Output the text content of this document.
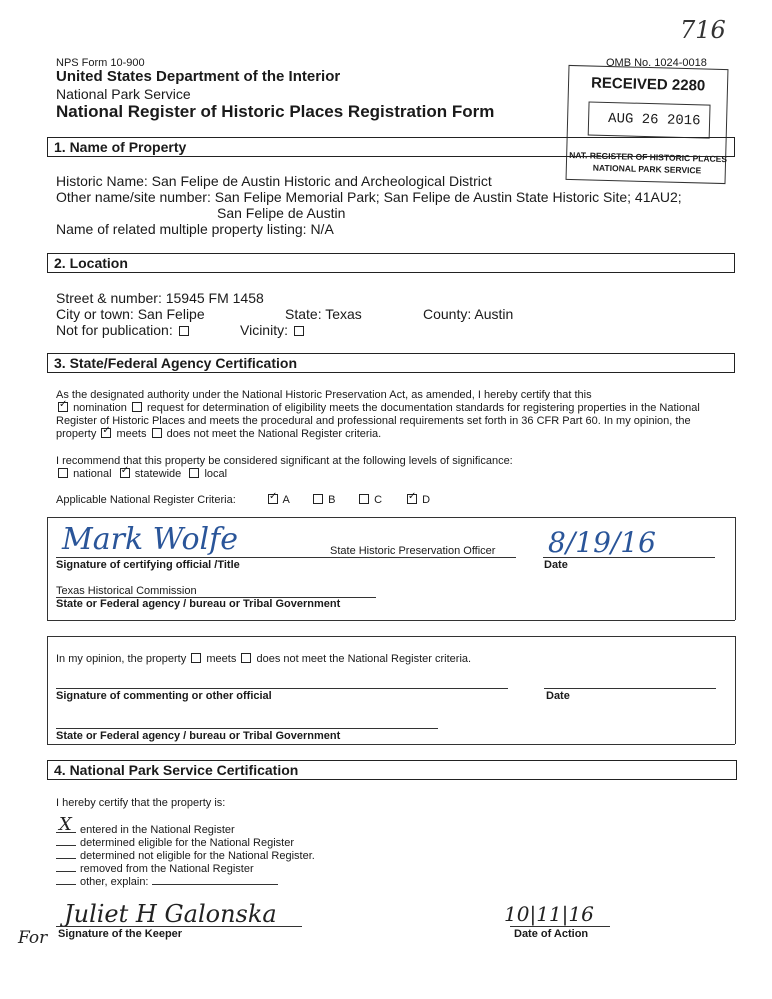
716
NPS Form 10-900	OMB No. 1024-0018
United States Department of the Interior
National Park Service
National Register of Historic Places Registration Form
RECEIVED 2280
AUG 26 2016
NAT. REGISTER OF HISTORIC PLACES
NATIONAL PARK SERVICE
1. Name of Property
Historic Name: San Felipe de Austin Historic and Archeological District
Other name/site number: San Felipe Memorial Park; San Felipe de Austin State Historic Site; 41AU2;
San Felipe de Austin
Name of related multiple property listing: N/A
2. Location
Street & number: 15945 FM 1458
City or town: San Felipe	State: Texas	County: Austin
Not for publication:	Vicinity:
3. State/Federal Agency Certification
As the designated authority under the National Historic Preservation Act, as amended, I hereby certify that this
✓ nomination request for determination of eligibility meets the documentation standards for registering properties in the National
Register of Historic Places and meets the procedural and professional requirements set forth in 36 CFR Part 60. In my opinion, the
property ✓ meets does not meet the National Register criteria.
I recommend that this property be considered significant at the following levels of significance:
national ✓ statewide local
Applicable National Register Criteria: ✓	A	B	C ✓	D
Mark Wolfe	State Historic Preservation Officer
Signature of certifying official /Title
8/19/16
Date
Texas Historical Commission
State or Federal agency / bureau or Tribal Government
In my opinion, the property meets does not meet the National Register criteria.
Signature of commenting or other official	Date
State or Federal agency / bureau or Tribal Government
4. National Park Service Certification
I hereby certify that the property is:
X entered in the National Register
determined eligible for the National Register
determined not eligible for the National Register.
removed from the National Register
other, explain:
For
Juliet H Galonska
Signature of the Keeper
10|11|16
Date of Action
